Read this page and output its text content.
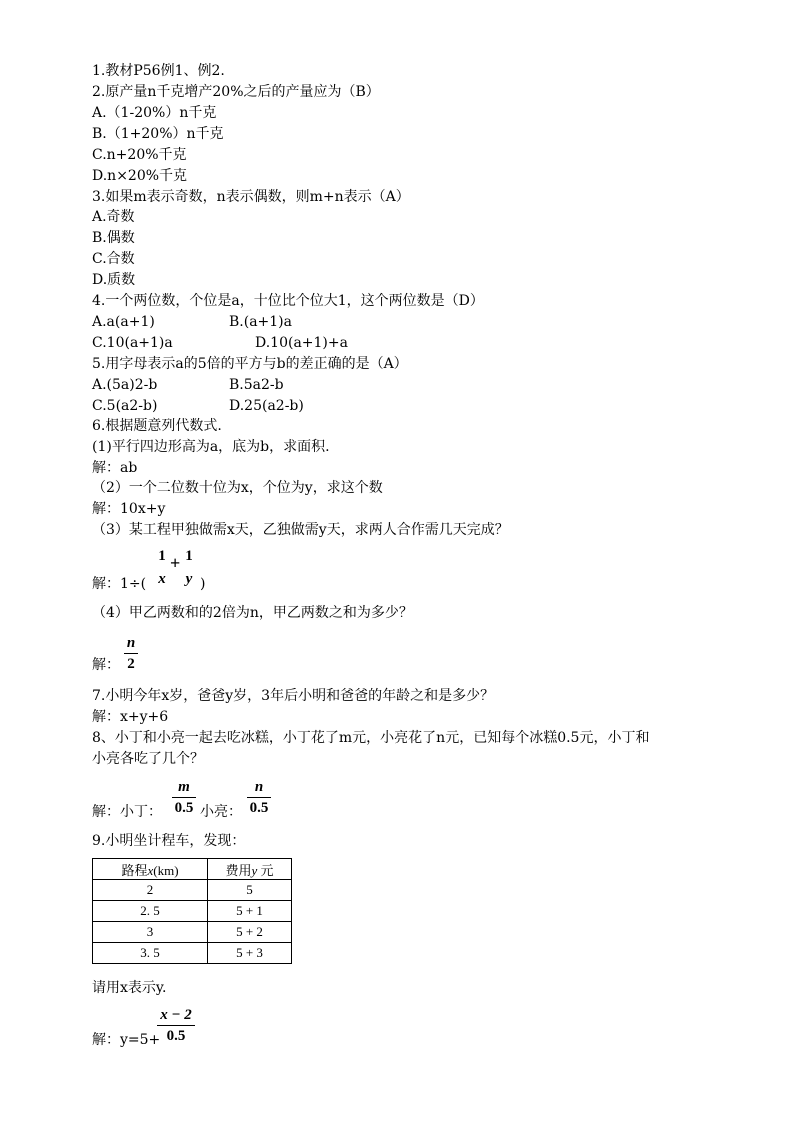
1.教材P56例1、例2.
2.原产量n千克增产20%之后的产量应为（B）
A.（1-20%）n千克
B.（1+20%）n千克
C.n+20%千克
D.n×20%千克
3.如果m表示奇数，n表示偶数，则m+n表示（A）
A.奇数
B.偶数
C.合数
D.质数
4.一个两位数，个位是a，十位比个位大1，这个两位数是（D）
A.a(a+1)	B.(a+1)a
C.10(a+1)a	D.10(a+1)+a
5.用字母表示a的5倍的平方与b的差正确的是（A）
A.(5a)2-b	B.5a2-b
C.5(a2-b)	D.25(a2-b)
6.根据题意列代数式.
(1)平行四边形高为a，底为b，求面积.
解：ab
（2）一个二位数十位为x，个位为y，求这个数
解：10x+y
（3）某工程甲独做需x天，乙独做需y天，求两人合作需几天完成？
解：1÷(
1
x
+ 1
y )
（4）甲乙两数和的2倍为n，甲乙两数之和为多少？
解：
n
2
7.小明今年x岁，爸爸y岁，3年后小明和爸爸的年龄之和是多少？
解：x+y+6
8、小丁和小亮一起去吃冰糕，小丁花了m元，小亮花了n元，已知每个冰糕0.5元，小丁和
小亮各吃了几个？
解：小丁：
m
0.5 小亮：
n
0.5
9.小明坐计程车，发现：
路程x(km)	费用y 元
2	5
2. 5	5 + 1
3	5 + 2
3. 5	5 + 3
请用x表示y.
解：y=5+
x − 2
0.5
